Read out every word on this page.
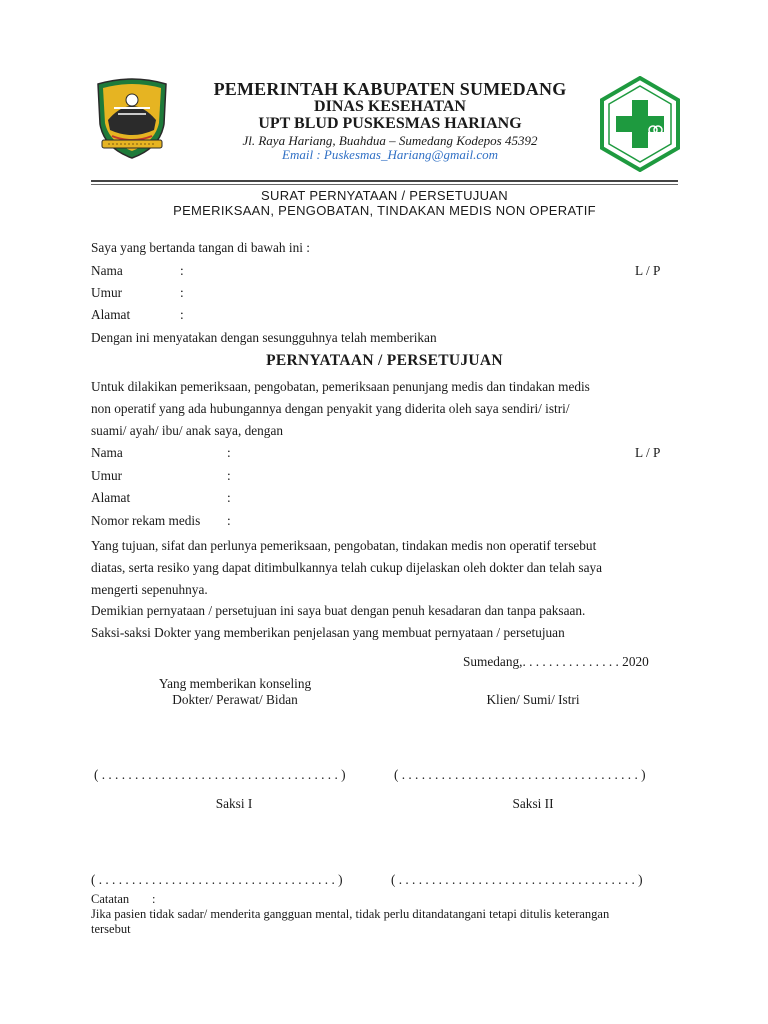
PEMERINTAH KABUPATEN SUMEDANG
DINAS KESEHATAN
UPT BLUD PUSKESMAS HARIANG
Jl. Raya Hariang, Buahdua – Sumedang Kodepos 45392
Email : Puskesmas_Hariang@gmail.com
SURAT PERNYATAAN / PERSETUJUAN
PEMERIKSAAN, PENGOBATAN, TINDAKAN MEDIS NON OPERATIF
Saya yang bertanda tangan di bawah ini :
Nama	:	L / P
Umur	:
Alamat	:
Dengan ini menyatakan dengan sesungguhnya telah memberikan
PERNYATAAN / PERSETUJUAN
Untuk dilakikan pemeriksaan, pengobatan, pemeriksaan penunjang medis dan tindakan medis
non operatif yang ada hubungannya dengan penyakit yang diderita oleh saya sendiri/ istri/
suami/ ayah/ ibu/ anak saya, dengan
Nama	:	L / P
Umur	:
Alamat	:
Nomor rekam medis :
Yang tujuan, sifat dan perlunya pemeriksaan, pengobatan, tindakan medis non operatif tersebut
diatas, serta resiko yang dapat ditimbulkannya telah cukup dijelaskan oleh dokter dan telah saya
mengerti sepenuhnya.
Demikian pernyataan / persetujuan ini saya buat dengan penuh kesadaran dan tanpa paksaan.
Saksi-saksi Dokter yang memberikan penjelasan yang membuat pernyataan / persetujuan
Sumedang,. . . . . . . . . . . . . . . 2020
Yang memberikan konseling
Dokter/ Perawat/ Bidan	Klien/ Sumi/ Istri
( . . . . . . . . . . . . . . . . . . . . . . . . . . . . . . . . . . . . )	( . . . . . . . . . . . . . . . . . . . . . . . . . . . . . . . . . . . . )
Saksi I	Saksi II
( . . . . . . . . . . . . . . . . . . . . . . . . . . . . . . . . . . . . )	( . . . . . . . . . . . . . . . . . . . . . . . . . . . . . . . . . . . . )
Catatan :
Jika pasien tidak sadar/ menderita gangguan mental, tidak perlu ditandatangani tetapi ditulis keterangan
tersebut
